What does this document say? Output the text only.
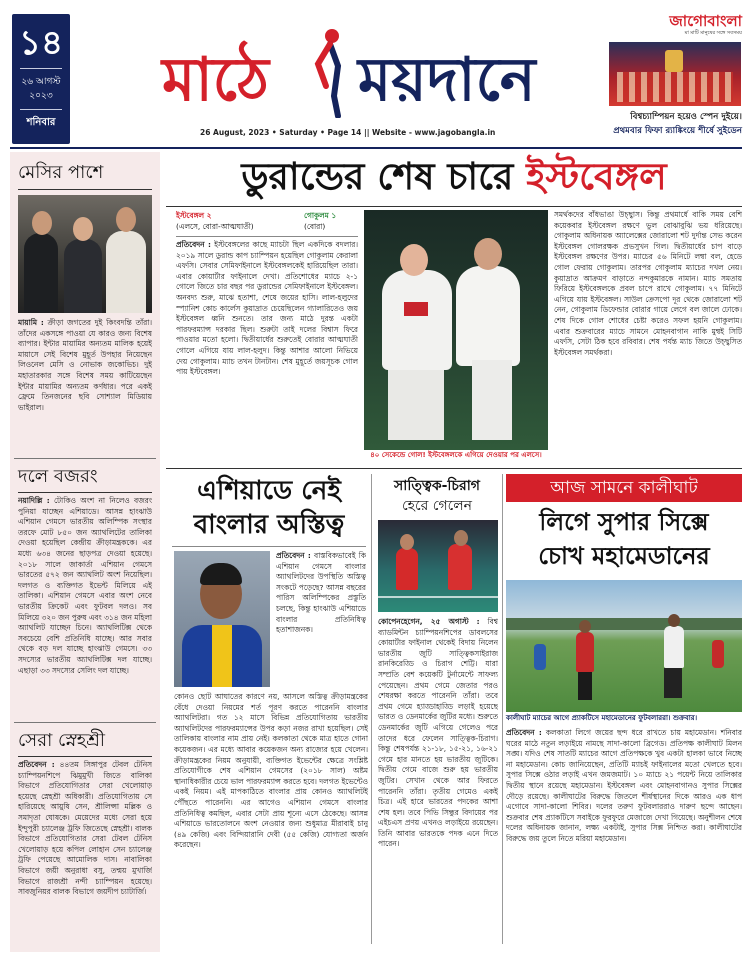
১৪
২৬ আগস্ট
২০২৩
শনিবার
মাঠে ময়দানে
26 August, 2023 • Saturday • Page 14 || Website - www.jagobangla.in
জাগোবাংলা
মা মাটি মানুষের সঙ্গে সবসময়
বিশ্বচ্যাম্পিয়ন হয়েও স্পেন দুইয়ে।
প্রথমবার ফিফা র‍্যাঙ্কিংয়ে শীর্ষে সুইডেন
মেসির পাশে
মায়ামি : ক্রীড়া জগতের দুই কিংবদন্তি তাঁরা। তাঁদের একসঙ্গে পাওয়া যে কারও জন্য বিশেষ ব্যাপার। ইন্টার মায়ামির অন্যতম মালিক হয়েই মায়াসে সেই বিশেষ মুহূর্ত উপহার নিয়েছেন লিওনেল মেসি ও নোভাক জকোভিচ। দুই মহাতারকার সঙ্গে বিশেষ সময় কাটিয়েছেন ইন্টার মায়ামির অন্যতম কর্ণধার। পরে একই ফ্রেমে তিনজনের ছবি সোশ্যাল মিডিয়ায় ভাইরাল।
দলে বজরং
নয়াদিল্লি : টোকিও অংশ না নিলেও বজরং পুনিয়া যাচ্ছেন এশিয়াডে। আসন্ন হাংঝাউ এশিয়ান গেমসে ভারতীয় অলিম্পিক সংস্থার তরফে মোট ৮৫০ জন অ্যাথলিটের তালিকা দেওয়া হয়েছিল কেন্দ্রীয় ক্রীড়ামন্ত্রককে। এর মধ্যে ৬৩৪ জনের ছাড়পত্র দেওয়া হয়েছে। ২০১৮ সালে জাকার্তা এশিয়ান গেমসে ভারতের ৫৭২ জন অ্যাথলিট অংশ নিয়েছিল। দলগত ও ব্যক্তিগত ইভেন্ট মিলিয়ে এই তালিকা। এশিয়ান গেমসে এবার অংশ নেবে ভারতীয় ক্রিকেট এবং ফুটবল দলও। সব মিলিয়ে ৩২০ জন পুরুষ এবং ৩১৪ জন মহিলা অ্যাথলিট যাচ্ছেন চিনে। অ্যাথলিটিক্স থেকে সবচেয়ে বেশি প্রতিনিধি যাচ্ছে। আর সবার থেকে বড় দল যাচ্ছে হাংঝাউ গেমসে। ৩৩ সদস্যের ভারতীয় অ্যাথলিটিক্স দল যাচ্ছে। এছাড়া ৩৩ সদস্যের সেলিং দল যাচ্ছে।
সেরা স্নেহশ্রী
প্রতিবেদন : ৪৪তম সিঙ্গাপুর টেবল টেনিস চ্যাম্পিয়নশিপে ঝিমুমুখী জিতে বালিকা বিভাগে প্রতিযোগিতার সেরা খেলোয়াড় হয়েছে স্নেহশ্রী অধিকারী। প্রতিযোগিতায় সে হারিয়েছে আয়ুষি সেন, শ্রীলিপ্সা মল্লিক ও সমাদৃতা ঘোষকে। মেয়েদের মধ্যে সেরা হয়ে ইন্দুপুরী চ্যালেঞ্জ ট্রফি জিতেছে স্নেহশ্রী। বালক বিভাগে প্রতিযোগিতার সেরা টেবল টেনিস খেলোয়াড় হয়ে কপিল লোহান সেন চ্যালেঞ্জ ট্রফি পেয়েছে আমোলিক দাস। নাবালিকা বিভাগে জয়ী অনুরাধা বসু, তন্ময় মুখার্জি বিভাগে রাজশ্রী নন্দী চ্যাম্পিয়ন হয়েছে। সাবজুনিয়র বালক বিভাগে জয়দীপ চ্যাটার্জি।
ডুরান্ডের শেষ চারে ইস্টবেঙ্গল
ইস্টবেঙ্গল ২
(এলসে, বোরা-আত্মঘাতী)
গোকুলম ১
(বোরা)
প্রতিবেদন : ইস্টবেঙ্গলের কাছে ম্যাচটা ছিল একদিকে বদলার। ২০১৯ সালে ডুরান্ড কাপ চ্যাম্পিয়ন হয়েছিল গোকুলাম কেরালা এফসি। সেবার সেমিফাইনালে ইস্টবেঙ্গলকেই হারিয়েছিল তারা। এবার কোয়ার্টার ফাইনালে দেখা। প্রতিশোধের ম্যাচে ২-১ গোলে জিতে চার বছর পর ডুরান্ডের সেমিফাইনালে ইস্টবেঙ্গল। অনবদ্য শুরু, মাঝে হতাশা, শেষে জয়ের হাসি। লাল-হলুদের স্প্যানিশ কোচ কার্লেস কুয়াদ্রাত চেয়েছিলেন গ্যালারিতেও জয় ইস্টবেঙ্গল ধ্বনি শুনতে। তার জন্য মাঠে দুরন্ত একটা পারফরম্যান্স দরকার ছিল। শুরুটা তাই দলের বিশ্বাস ফিরে পাওয়ার মতো হলো। দ্বিতীয়ার্ধের শুরুতেই বোরার আত্মঘাতী গোলে এগিয়ে যায় লাল-হলুদ। কিন্তু আশার আলো নিভিয়ে দেয় গোকুলাম। ম্যাচ তখন টানটান। শেষ মুহূর্তে জয়সূচক গোল পায় ইস্টবেঙ্গল।
৪০ সেকেন্ডে গোল! ইস্টবেঙ্গলকে এগিয়ে দেওয়ার পর এলসে।
সমর্থকদের বাঁধভাঙা উচ্ছ্বাস। কিন্তু প্রথমার্ধে বাকি সময় বেশি কয়েকবার ইস্টবেঙ্গল রক্ষণে ভুল বোঝাবুঝি ভয় ধরিয়েছে। গোকুলাম অধিনায়ক অ্যালেক্সের জোরালো শট দুর্দান্ত সেভ করেন ইস্টবেঙ্গল গোলরক্ষক প্রভসুখন গিল। দ্বিতীয়ার্ধের চাপ বাড়ে ইস্টবেঙ্গল রক্ষণের উপর। ম্যাচের ৫৬ মিনিটে লম্বা বল, হেডে গোল ফেরায় গোকুলাম। তারপর গোকুলাম ম্যাচের দখল নেয়। কুয়াদ্রাত আক্রমণ বাড়াতে নন্দকুমারকে নামান। ম্যাচ সমতায় ফিরিয়ে ইস্টবেঙ্গলকে প্রবল চাপে রাখে গোকুলাম। ৭৭ মিনিটে এগিয়ে যায় ইস্টবেঙ্গল। সাউল ক্রেসপো দূর থেকে জোরালো শট নেন, গোকুলাম ডিফেন্ডার বোরার গায়ে লেগে বল জালে ঢোকে। শেষ দিকে গোল শোধের চেষ্টা করেও সফল হয়নি গোকুলাম। এবার শুক্রবারের ম্যাচে সামনে মোহনবাগান নাকি মুম্বই সিটি এফসি, সেটা ঠিক হবে রবিবার। শেষ পর্যন্ত ম্যাচ জিতে উচ্ছ্বসিত ইস্টবেঙ্গল সমর্থকরা।
এশিয়াডে নেই
বাংলার অস্তিত্ব
প্রতিবেদন : বাস্তবিকভাবেই কি এশিয়ান গেমসে বাংলার অ্যাথলিটদের উপস্থিতি অস্তিত্ব সংকটে পড়েছে? আসন্ন বছরের পারিস অলিম্পিকের প্রস্তুতি চলছে, কিন্তু হাংঝাউ এশিয়াডে বাংলার প্রতিনিধিত্ব হতাশাজনক।
কোনও ছোট আঘাতের কারণে নয়, আসলে অস্তিত্ব ক্রীড়ামন্ত্রকের বেঁধে দেওয়া নিয়মের শর্ত পূরণ করতে পারেননি বাংলার অ্যাথলিটরা। গত ১২ মাসে বিভিন্ন প্রতিযোগিতায় ভারতীয় অ্যাথলিটদের পারফরম্যান্সের উপর কড়া নজর রাখা হয়েছিল। সেই তালিকায় বাংলার নাম প্রায় নেই। কলকাতা থেকে মাত্র হাতে গোনা কয়েকজন। এর মধ্যে আবার কয়েকজন অন্য রাজ্যের হয়ে খেলেন। ক্রীড়ামন্ত্রকের নিয়ম অনুযায়ী, ব্যক্তিগত ইভেন্টের ক্ষেত্রে সংশ্লিষ্ট প্রতিযোগীকে শেষ এশিয়ান গেমসের (২০১৮ সাল) অষ্টম স্থানাধিকারীর চেয়ে ভাল পারফরম্যান্স করতে হবে। দলগত ইভেন্টেও একই নিয়ম। এই মাপকাঠিতে বাংলার প্রায় কোনও অ্যাথলিটই পৌঁছতে পারেননি। এর আগেও এশিয়ান গেমসে বাংলার প্রতিনিধিত্ব কমছিল, এবার সেটা প্রায় শূন্যে এসে ঠেকেছে। আসন্ন এশিয়াডে ভারতোলনে অংশ নেওয়ার জন্য শুধুমাত্র মীরাবাই চানু (৪৯ কেজি) এবং বিন্দিয়ারানি দেবী (৫৫ কেজি) যোগ্যতা অর্জন করেছেন।
সাত্ত্বিক-চিরাগ
হেরে গেলেন
কোপেনহেগেন, ২৫ অগাস্ট : বিশ্ব ব্যাডমিন্টন চ্যাম্পিয়নশিপের ডাবলসের কোয়ার্টার ফাইনাল থেকেই বিদায় নিলেন ভারতীয় জুটি সাত্ত্বিকসাইরাজ রানকিরেড্ডি ও চিরাগ শেট্টি। যারা সম্প্রতি বেশ কয়েকটি টুর্নামেন্টে সাফল্য পেয়েছেন। প্রথম গেমে জেতার পরও শেষরক্ষা করতে পারেননি তাঁরা। তবে প্রথম গেমে হ্যাড্ডাহাড্ডি লড়াই হয়েছে ভারত ও ডেনমার্কের জুটির মধ্যে। শুরুতে ডেনমার্কের জুটি এগিয়ে গেলেও পরে তাদের ধরে ফেলেন সাত্ত্বিক-চিরাগ। কিন্তু শেষপর্যন্ত ২১-১৮, ১৫-২১, ১৬-২১ গেমে হার মানতে হয় ভারতীয় জুটিকে। দ্বিতীয় গেমে বাজে শুরু হয় ভারতীয় জুটির। সেখান থেকে আর ফিরতে পারেননি তাঁরা। তৃতীয় গেমেও একই চিত্র। এই হারে ভারতের পদকের আশা শেষ হল। তবে পিভি সিন্ধুর বিদায়ের পর এইচএস প্রণয় এখনও লড়াইয়ে রয়েছেন। তিনি আবার ভারতকে পদক এনে দিতে পারেন।
আজ সামনে কালীঘাট
লিগে সুপার সিক্সে
চোখ মহামেডানের
কালীঘাট ম্যাচের আগে প্র্যাকটিসে মহামেডানের ফুটবলাররা। শুক্রবার।
প্রতিবেদন : কলকাতা লিগে জয়ের ছন্দ ধরে রাখতে চায় মহামেডান। শনিবার ঘরের মাঠে নতুন লড়াইয়ে নামছে সাদা-কালো ব্রিগেড। প্রতিপক্ষ কালীঘাট মিলন সঙ্ঘ। যদিও শেষ সাতটি ম্যাচের আগে প্রতিপক্ষকে খুব একটা হালকা ভাবে নিচ্ছে না মহামেডান। কোচ জানিয়েছেন, প্রতিটি ম্যাচই ফাইনালের মতো খেলতে হবে। সুপার সিক্সে ওঠার লড়াই এখন জমজমাট। ১০ ম্যাচে ২১ পয়েন্ট নিয়ে তালিকার দ্বিতীয় স্থানে রয়েছে মহামেডান। ইস্টবেঙ্গল এবং মোহনবাগানও সুপার সিক্সের দৌড়ে রয়েছে। কালীঘাটের বিরুদ্ধে জিতলে শীর্ষস্থানের দিকে আরও এক ধাপ এগোবে সাদা-কালো শিবির। দলের তরুণ ফুটবলাররাও দারুণ ছন্দে আছেন। শুক্রবার শেষ প্র্যাকটিসে সবাইকে ফুরফুরে মেজাজে দেখা গিয়েছে। অনুশীলন শেষে দলের অধিনায়ক জানান, লক্ষ্য একটাই, সুপার সিক্স নিশ্চিত করা। কালীঘাটের বিরুদ্ধে জয় তুলে নিতে মরিয়া মহামেডান।
